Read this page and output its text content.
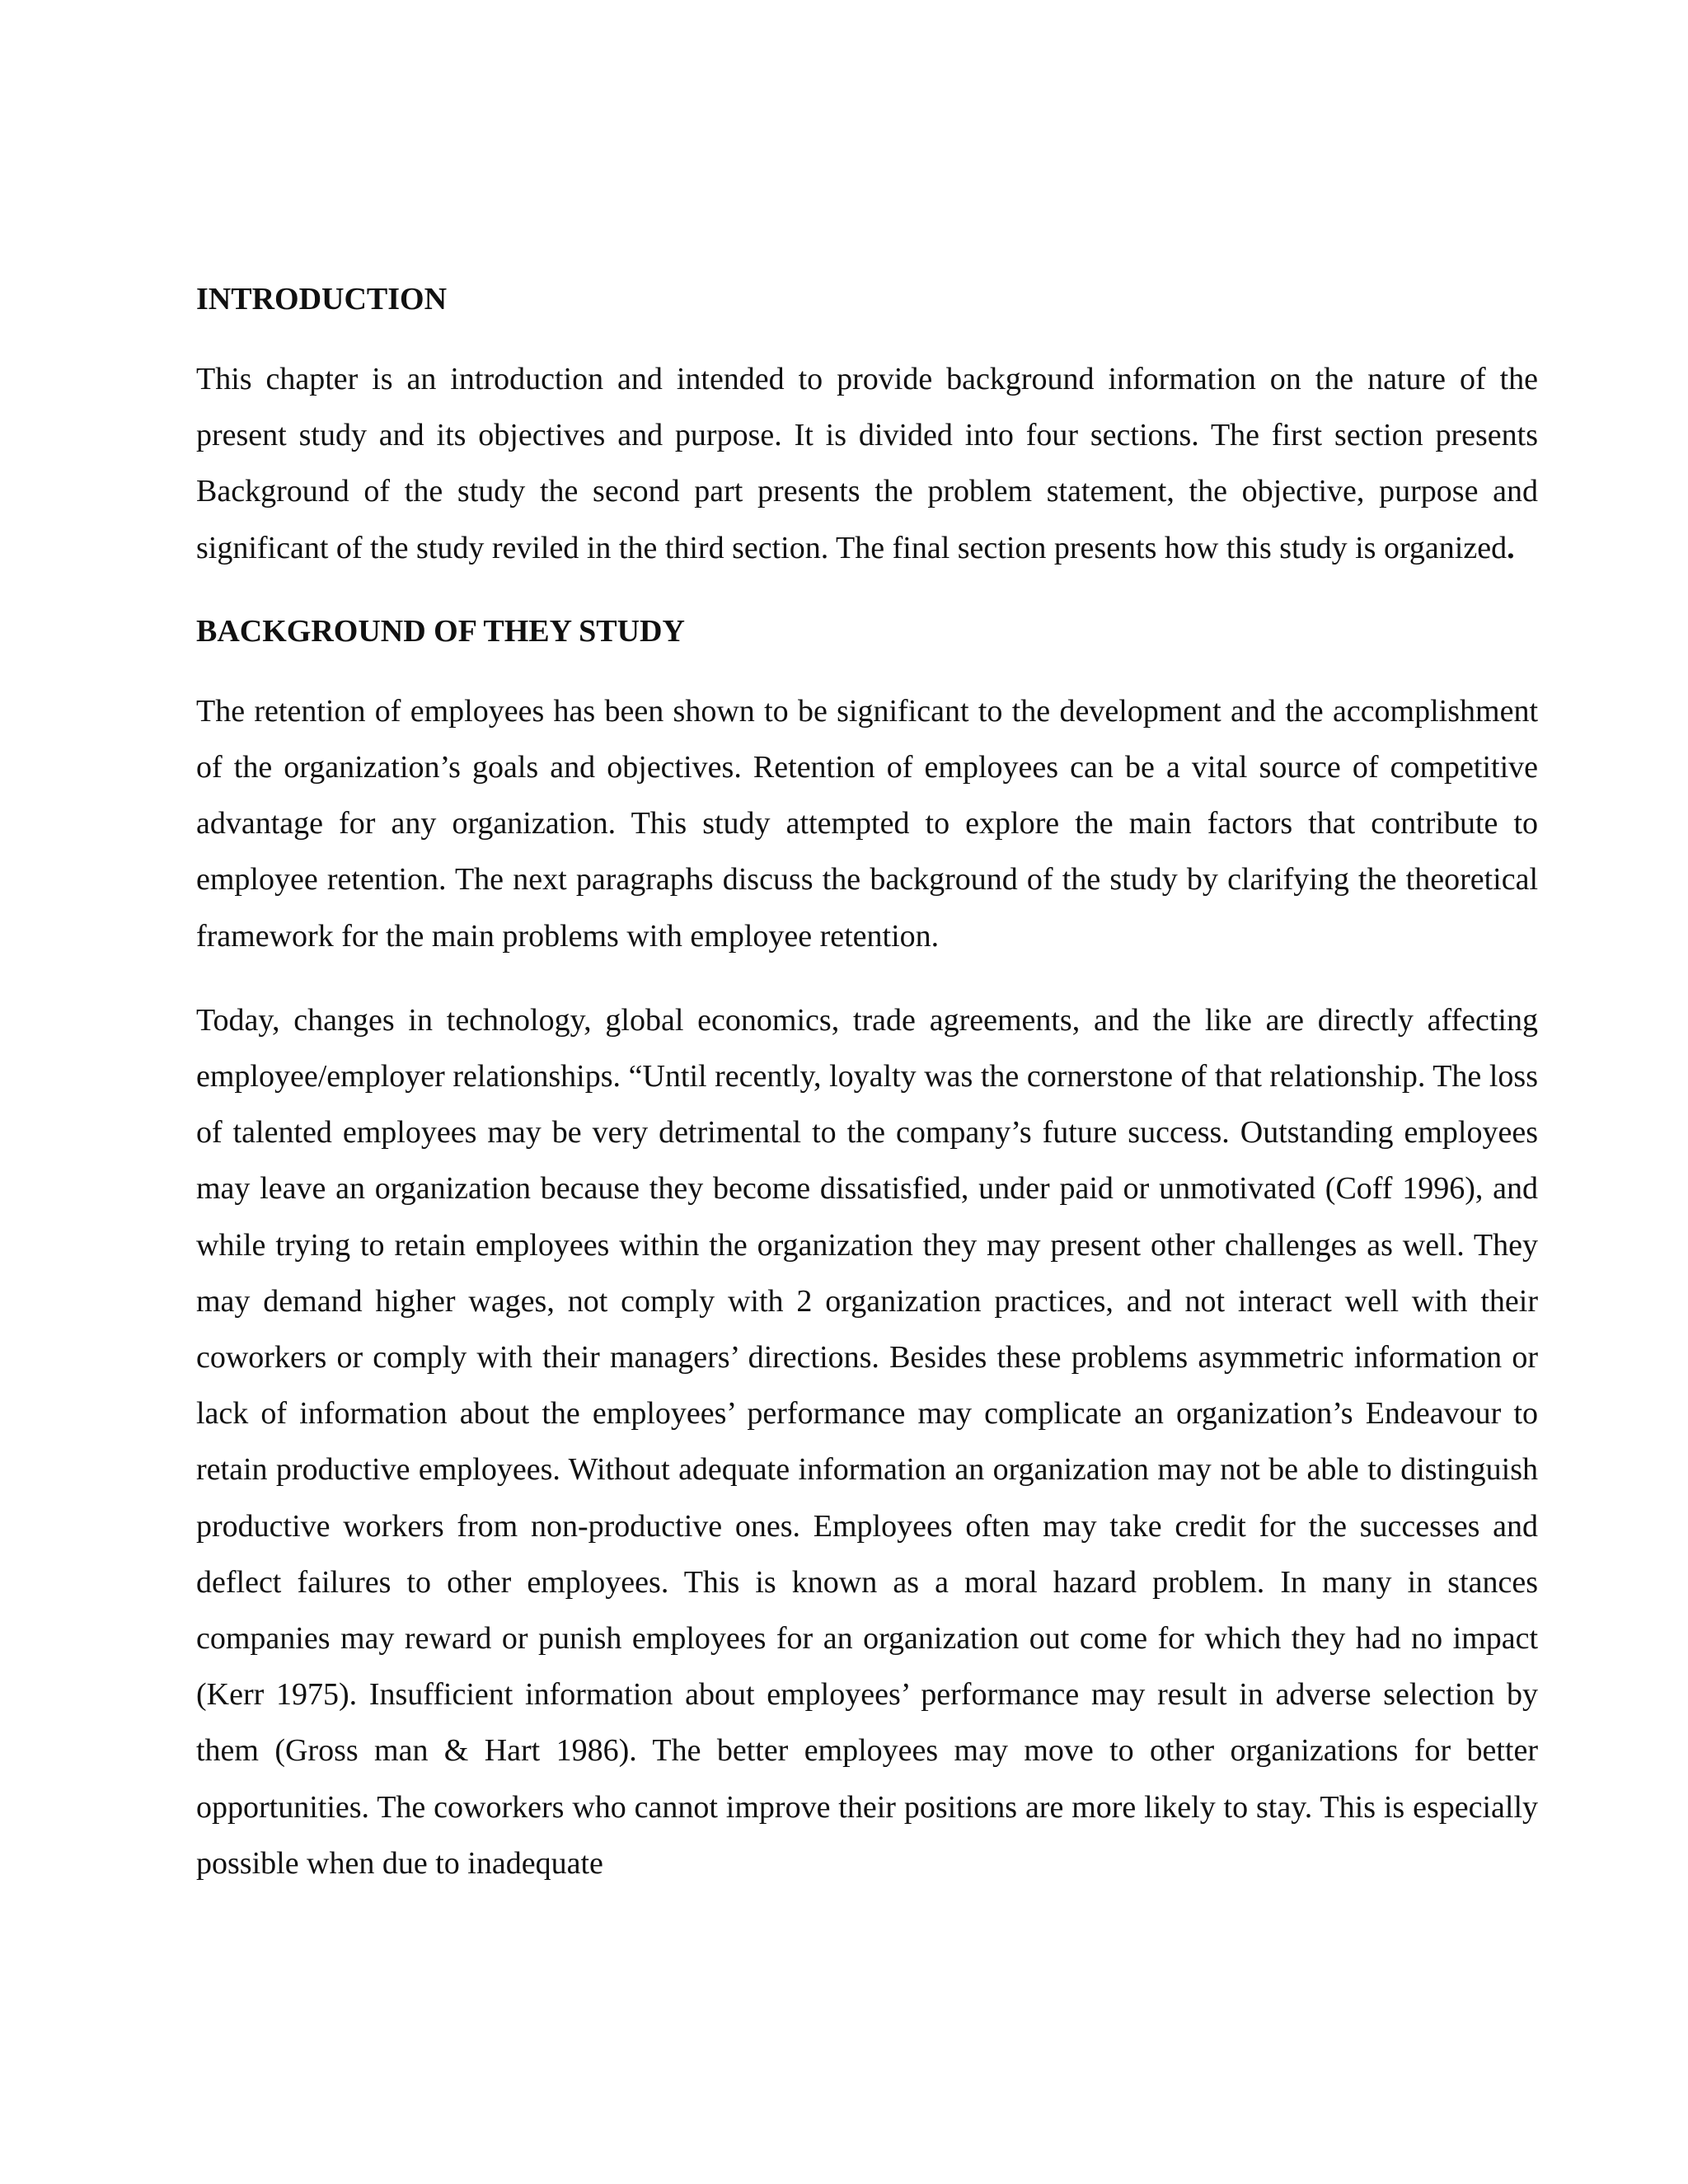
INTRODUCTION

This chapter is an introduction and intended to provide background information on the nature of the present study and its objectives and purpose. It is divided into four sections. The first section presents Background of the study the second part presents the problem statement, the objective, purpose and significant of the study reviled in the third section. The final section presents how this study is organized.

BACKGROUND OF THEY STUDY

The retention of employees has been shown to be significant to the development and the accomplishment of the organization’s goals and objectives. Retention of employees can be a vital source of competitive advantage for any organization. This study attempted to explore the main factors that contribute to employee retention. The next paragraphs discuss the background of the study by clarifying the theoretical framework for the main problems with employee retention.

Today, changes in technology, global economics, trade agreements, and the like are directly affecting employee/employer relationships. “Until recently, loyalty was the cornerstone of that relationship. The loss of talented employees may be very detrimental to the company’s future success. Outstanding employees may leave an organization because they become dissatisfied, under paid or unmotivated (Coff 1996), and while trying to retain employees within the organization they may present other challenges as well. They may demand higher wages, not comply with 2 organization practices, and not interact well with their coworkers or comply with their managers’ directions. Besides these problems asymmetric information or lack of information about the employees’ performance may complicate an organization’s Endeavour to retain productive employees. Without adequate information an organization may not be able to distinguish productive workers from non-productive ones. Employees often may take credit for the successes and deflect failures to other employees. This is known as a moral hazard problem. In many in stances companies may reward or punish employees for an organization out come for which they had no impact (Kerr 1975). Insufficient information about employees’ performance may result in adverse selection by them (Gross man & Hart 1986). The better employees may move to other organizations for better opportunities. The coworkers who cannot improve their positions are more likely to stay. This is especially possible when due to inadequate
